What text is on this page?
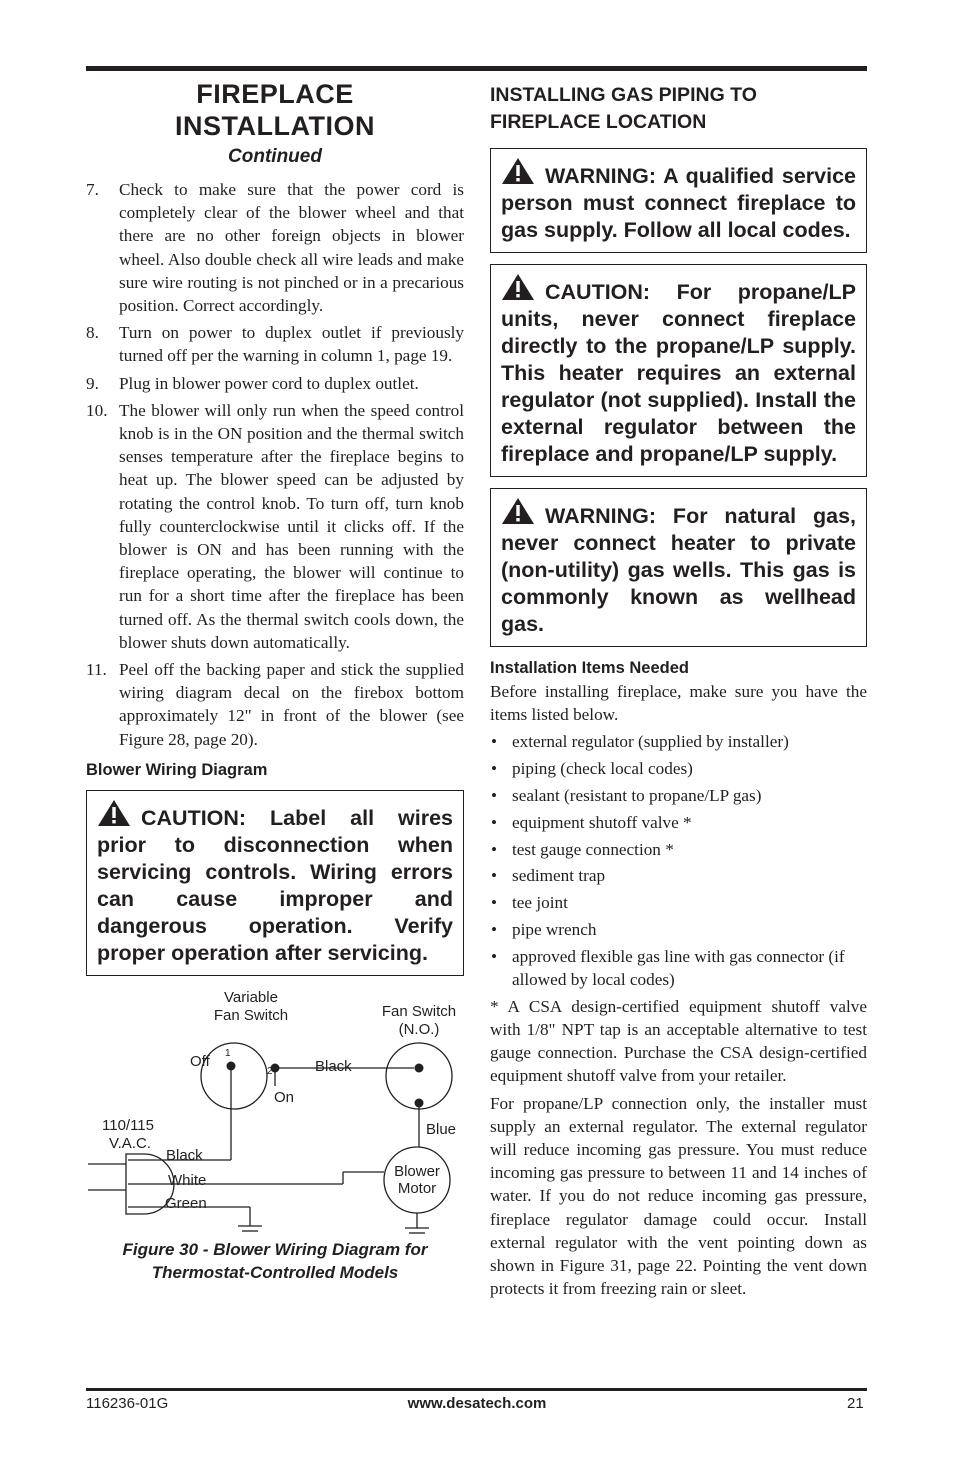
FIREPLACE
INSTALLATION
Continued
7. Check to make sure that the power cord is completely clear of the blower wheel and that there are no other foreign objects in blower wheel. Also double check all wire leads and make sure wire routing is not pinched or in a precarious position. Correct accordingly.
8. Turn on power to duplex outlet if previously turned off per the warning in column 1, page 19.
9. Plug in blower power cord to duplex outlet.
10. The blower will only run when the speed control knob is in the ON position and the thermal switch senses temperature after the fireplace begins to heat up. The blower speed can be adjusted by rotating the control knob. To turn off, turn knob fully counterclockwise until it clicks off. If the blower is ON and has been running with the fireplace operating, the blower will continue to run for a short time after the fireplace has been turned off. As the thermal switch cools down, the blower shuts down automatically.
11. Peel off the backing paper and stick the supplied wiring diagram decal on the firebox bottom approximately 12" in front of the blower (see Figure 28, page 20).
Blower Wiring Diagram
CAUTION: Label all wires prior to disconnection when servicing controls. Wiring errors can cause improper and dangerous operation. Verify proper operation after servicing.
Variable
Fan Switch	Fan Switch
(N.O.)
Off 1
2
On
Black
110/115
V.A.C.
Black
White
Green
Blue
Blower
Motor
Figure 30 - Blower Wiring Diagram for
Thermostat-Controlled Models
INSTALLING GAS PIPING TO
FIREPLACE LOCATION
WARNING: A qualified service person must connect fireplace to gas supply. Follow all local codes.
CAUTION: For propane/LP units, never connect fireplace directly to the propane/LP supply. This heater requires an external regulator (not supplied). Install the external regulator between the fireplace and propane/LP supply.
WARNING: For natural gas, never connect heater to private (non-utility) gas wells. This gas is commonly known as wellhead gas.
Installation Items Needed

Before installing fireplace, make sure you have the items listed below.

• external regulator (supplied by installer)
• piping (check local codes)
• sealant (resistant to propane/LP gas)
• equipment shutoff valve *
• test gauge connection *
• sediment trap
• tee joint
• pipe wrench
• approved flexible gas line with gas connector (if allowed by local codes)

* A CSA design-certified equipment shutoff valve with 1/8" NPT tap is an acceptable alternative to test gauge connection. Purchase the CSA design-certified equipment shutoff valve from your retailer.

For propane/LP connection only, the installer must supply an external regulator. The external regulator will reduce incoming gas pressure. You must reduce incoming gas pressure to between 11 and 14 inches of water. If you do not reduce incoming gas pressure, fireplace regulator damage could occur. Install external regulator with the vent pointing down as shown in Figure 31, page 22. Pointing the vent down protects it from freezing rain or sleet.

116236-01G	www.desatech.com	21
